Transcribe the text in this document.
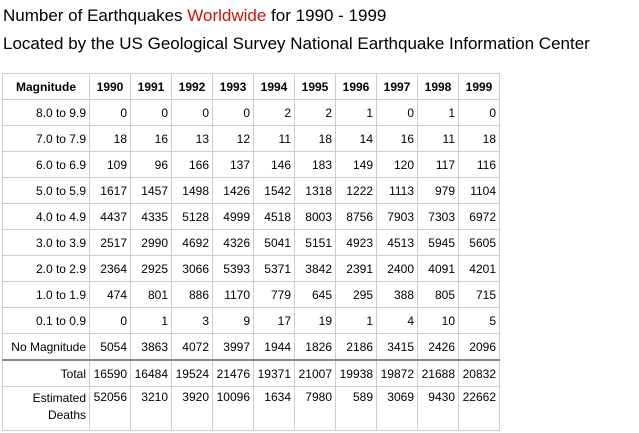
Number of Earthquakes Worldwide for 1990 - 1999
Located by the US Geological Survey National Earthquake Information Center
Magnitude	1990	1991	1992	1993	1994	1995	1996	1997	1998	1999
8.0 to 9.9	0	0	0	0	2	2	1	0	1	0
7.0 to 7.9	18	16	13	12	11	18	14	16	11	18
6.0 to 6.9	109	96	166	137	146	183	149	120	117	116
5.0 to 5.9	1617	1457	1498	1426	1542	1318	1222	1113	979	1104
4.0 to 4.9	4437	4335	5128	4999	4518	8003	8756	7903	7303	6972
3.0 to 3.9	2517	2990	4692	4326	5041	5151	4923	4513	5945	5605
2.0 to 2.9	2364	2925	3066	5393	5371	3842	2391	2400	4091	4201
1.0 to 1.9	474	801	886	1170	779	645	295	388	805	715
0.1 to 0.9	0	1	3	9	17	19	1	4	10	5
No Magnitude	5054	3863	4072	3997	1944	1826	2186	3415	2426	2096
Total	16590	16484	19524	21476	19371	21007	19938	19872	21688	20832
Estimated Deaths	52056	3210	3920	10096	1634	7980	589	3069	9430	22662
